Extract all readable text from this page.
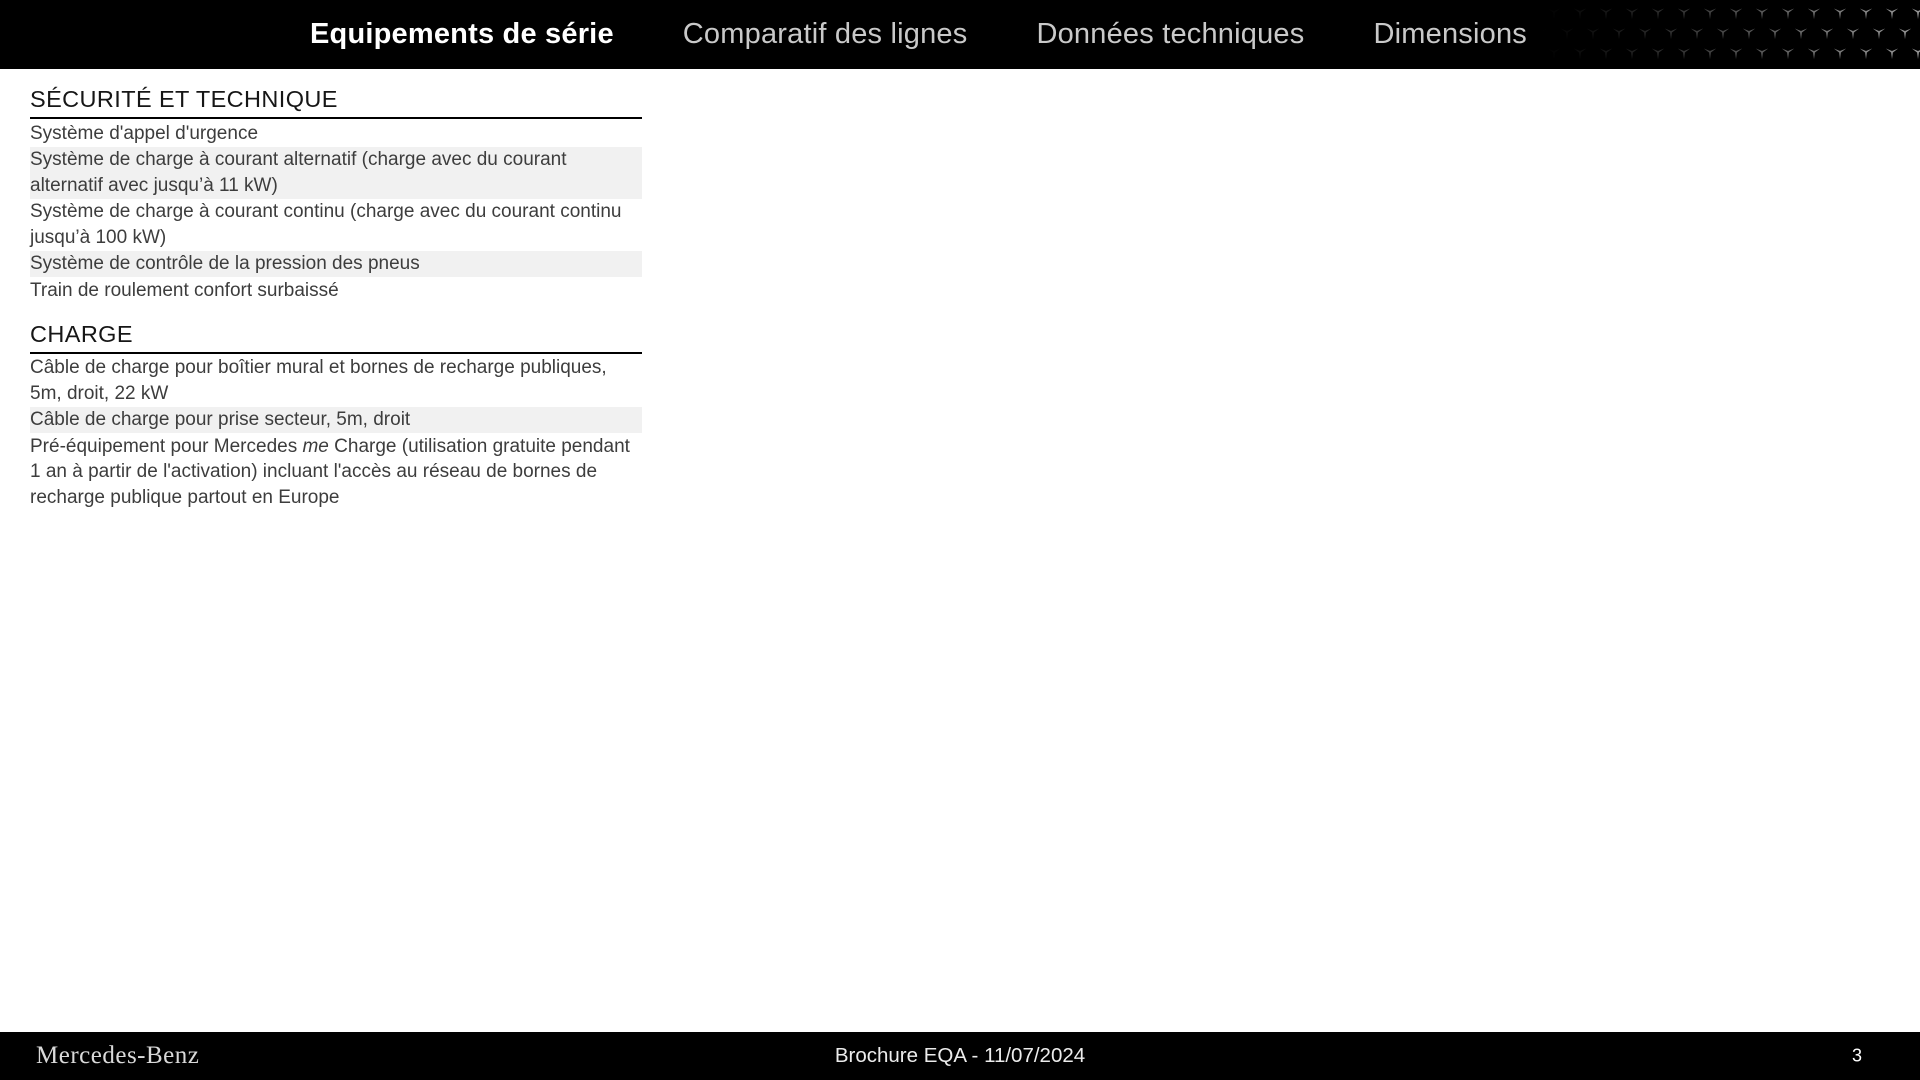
Equipements de série Comparatif des lignes Données techniques Dimensions
SÉCURITÉ ET TECHNIQUE
Système d'appel d'urgence
Système de charge à courant alternatif (charge avec du courant alternatif avec jusqu’à 11 kW)
Système de charge à courant continu (charge avec du courant continu jusqu’à 100 kW)
Système de contrôle de la pression des pneus
Train de roulement confort surbaissé
CHARGE
Câble de charge pour boîtier mural et bornes de recharge publiques, 5m, droit, 22 kW
Câble de charge pour prise secteur, 5m, droit
Pré-équipement pour Mercedes me Charge (utilisation gratuite pendant 1 an à partir de l'activation) incluant l'accès au réseau de bornes de recharge publique partout en Europe
Mercedes-Benz	Brochure EQA - 11/07/2024	3
